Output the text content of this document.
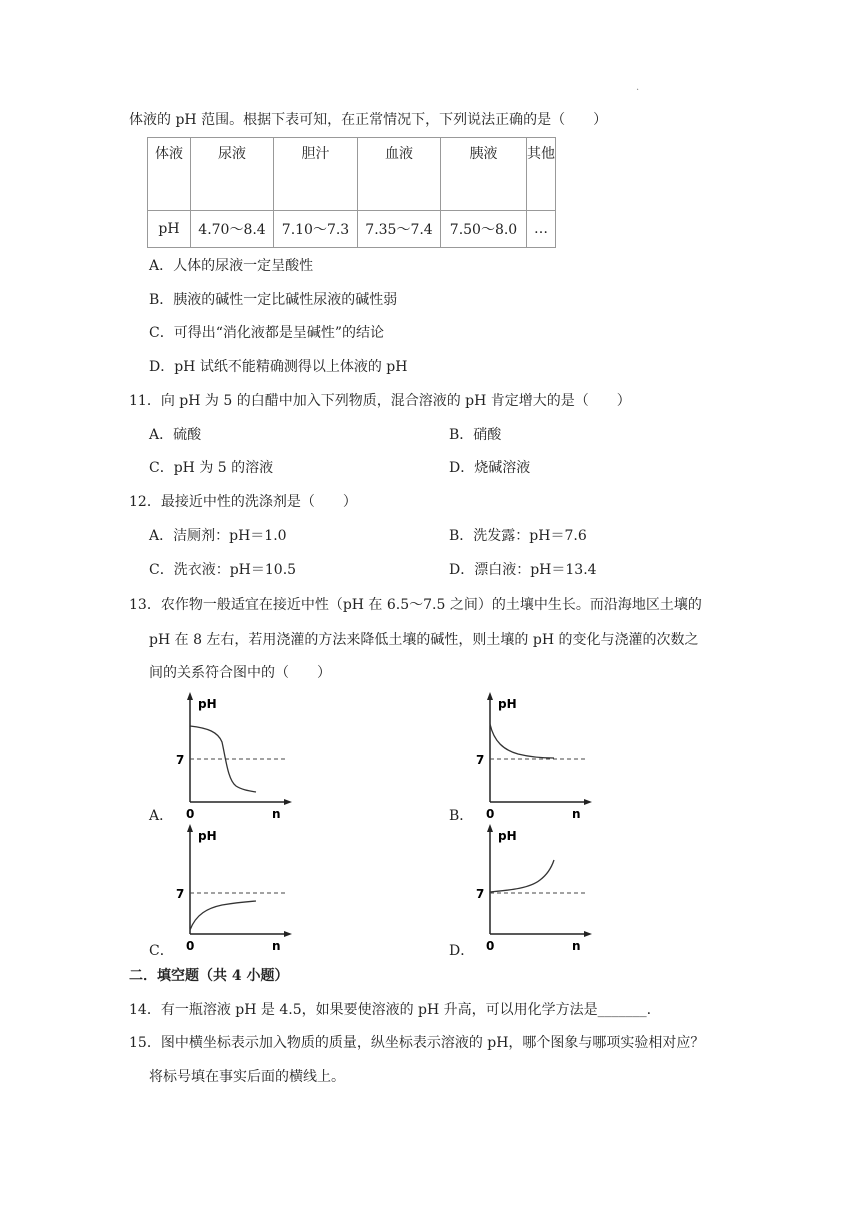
.
体液的 pH 范围。根据下表可知，在正常情况下，下列说法正确的是（　　）
体液	尿液	胆汁	血液	胰液	其他
pH	4.70～8.4	7.10～7.3	7.35～7.4	7.50～8.0	…
A．人体的尿液一定呈酸性
B．胰液的碱性一定比碱性尿液的碱性弱
C．可得出“消化液都是呈碱性”的结论
D．pH 试纸不能精确测得以上体液的 pH
11．向 pH 为 5 的白醋中加入下列物质，混合溶液的 pH 肯定增大的是（　　）
A．硫酸	B．硝酸
C．pH 为 5 的溶液	D．烧碱溶液
12．最接近中性的洗涤剂是（　　）
A．洁厕剂：pH＝1.0	B．洗发露：pH＝7.6
C．洗衣液：pH＝10.5	D．漂白液：pH＝13.4
13．农作物一般适宜在接近中性（pH 在 6.5～7.5 之间）的土壤中生长。而沿海地区土壤的
pH 在 8 左右，若用浇灌的方法来降低土壤的碱性，则土壤的 pH 的变化与浇灌的次数之
间的关系符合图中的（　　）
A．
pH
7
0	n	B．
pH
7
0	n
C．
pH
7
0	n	D．
pH
7
0	n
二．填空题（共 4 小题）
14．有一瓶溶液 pH 是 4.5，如果要使溶液的 pH 升高，可以用化学方法是_______.
15．图中横坐标表示加入物质的质量，纵坐标表示溶液的 pH，哪个图象与哪项实验相对应？
将标号填在事实后面的横线上。
